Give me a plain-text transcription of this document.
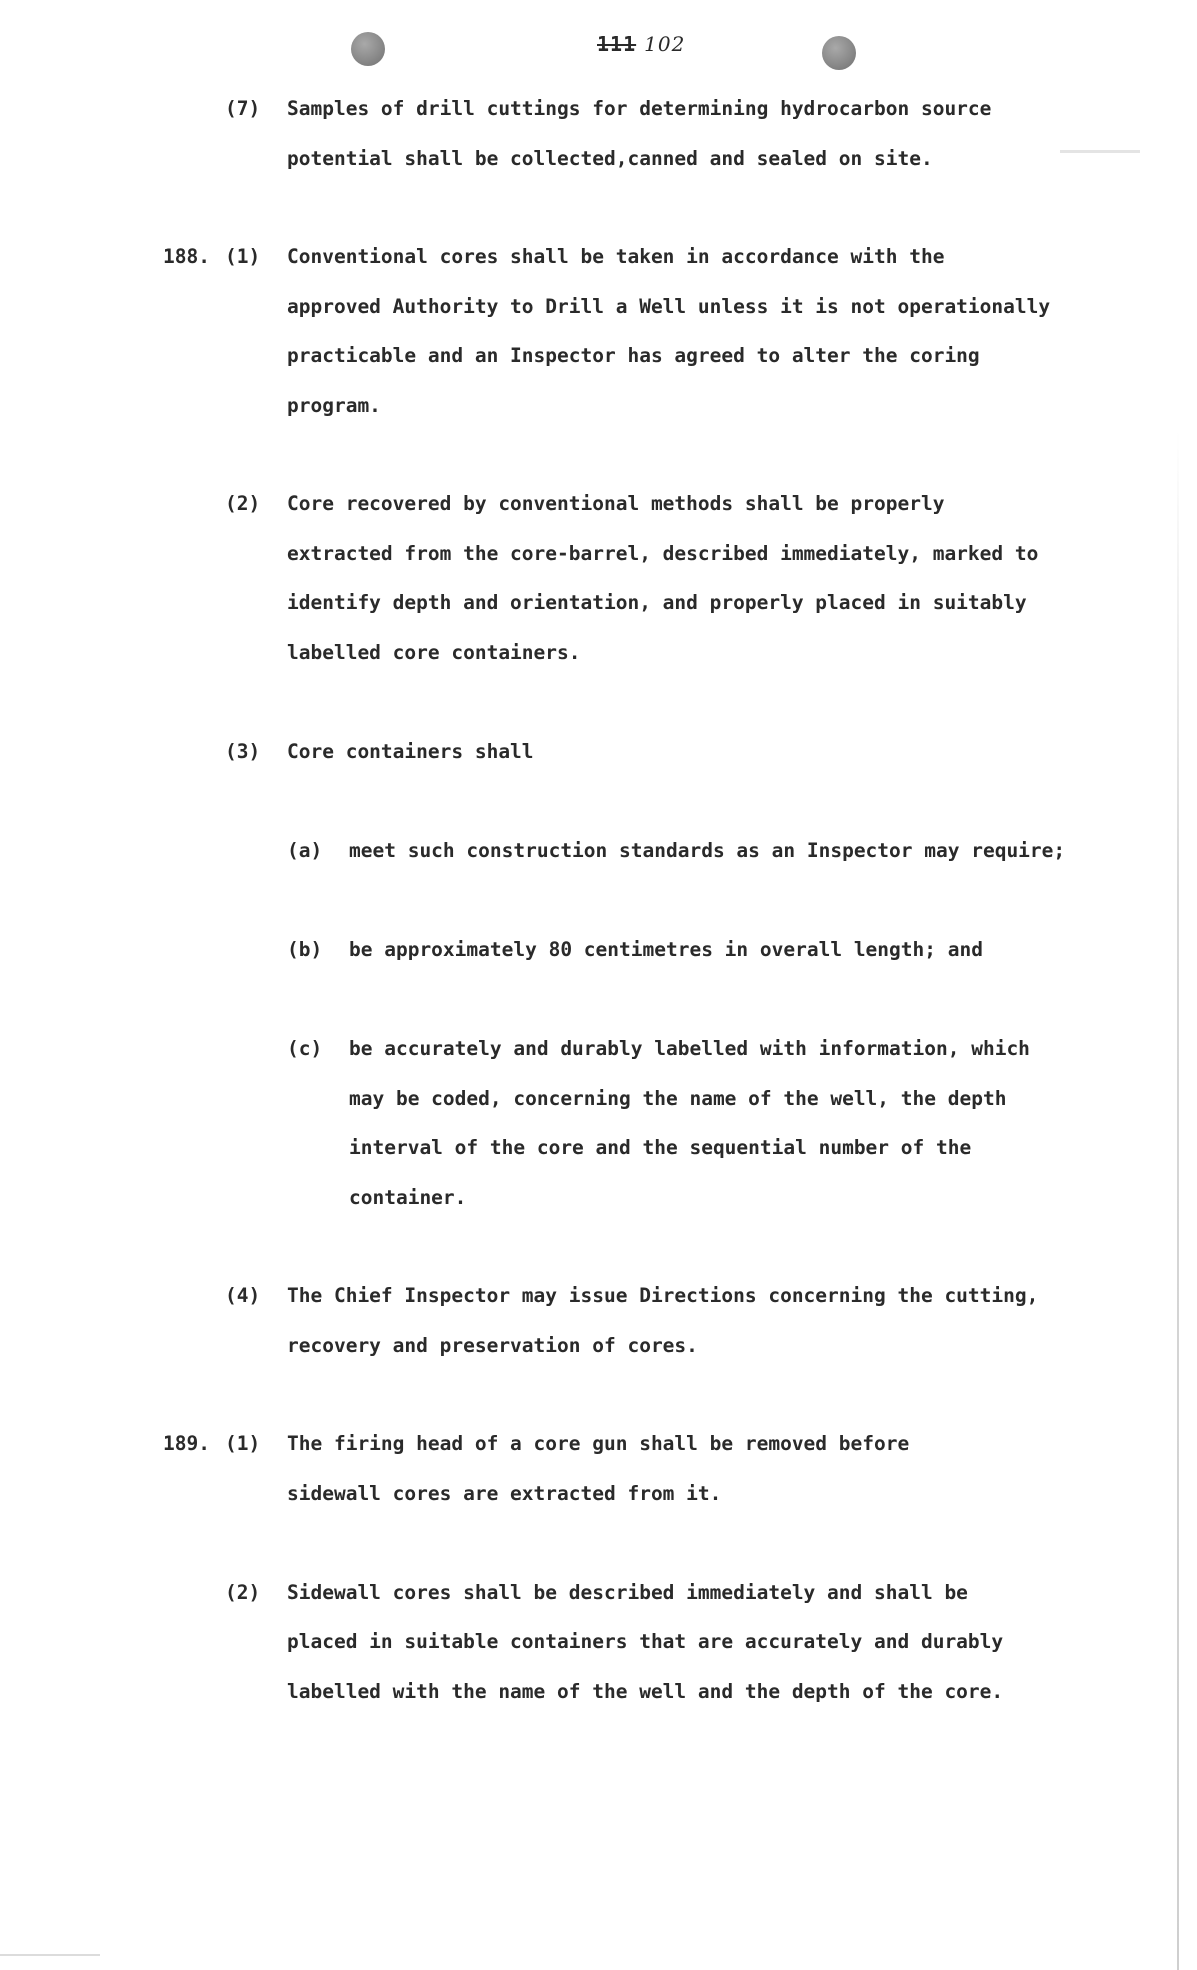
111 102
(7) Samples of drill cuttings for determining hydrocarbon source
potential shall be collected,canned and sealed on site.
188. (1) Conventional cores shall be taken in accordance with the
approved Authority to Drill a Well unless it is not operationally
practicable and an Inspector has agreed to alter the coring
program.
(2) Core recovered by conventional methods shall be properly
extracted from the core-barrel, described immediately, marked to
identify depth and orientation, and properly placed in suitably
labelled core containers.
(3) Core containers shall
(a) meet such construction standards as an Inspector may require;
(b) be approximately 80 centimetres in overall length; and
(c) be accurately and durably labelled with information, which
may be coded, concerning the name of the well, the depth
interval of the core and the sequential number of the
container.
(4) The Chief Inspector may issue Directions concerning the cutting,
recovery and preservation of cores.
189. (1) The firing head of a core gun shall be removed before
sidewall cores are extracted from it.
(2) Sidewall cores shall be described immediately and shall be
placed in suitable containers that are accurately and durably
labelled with the name of the well and the depth of the core.
